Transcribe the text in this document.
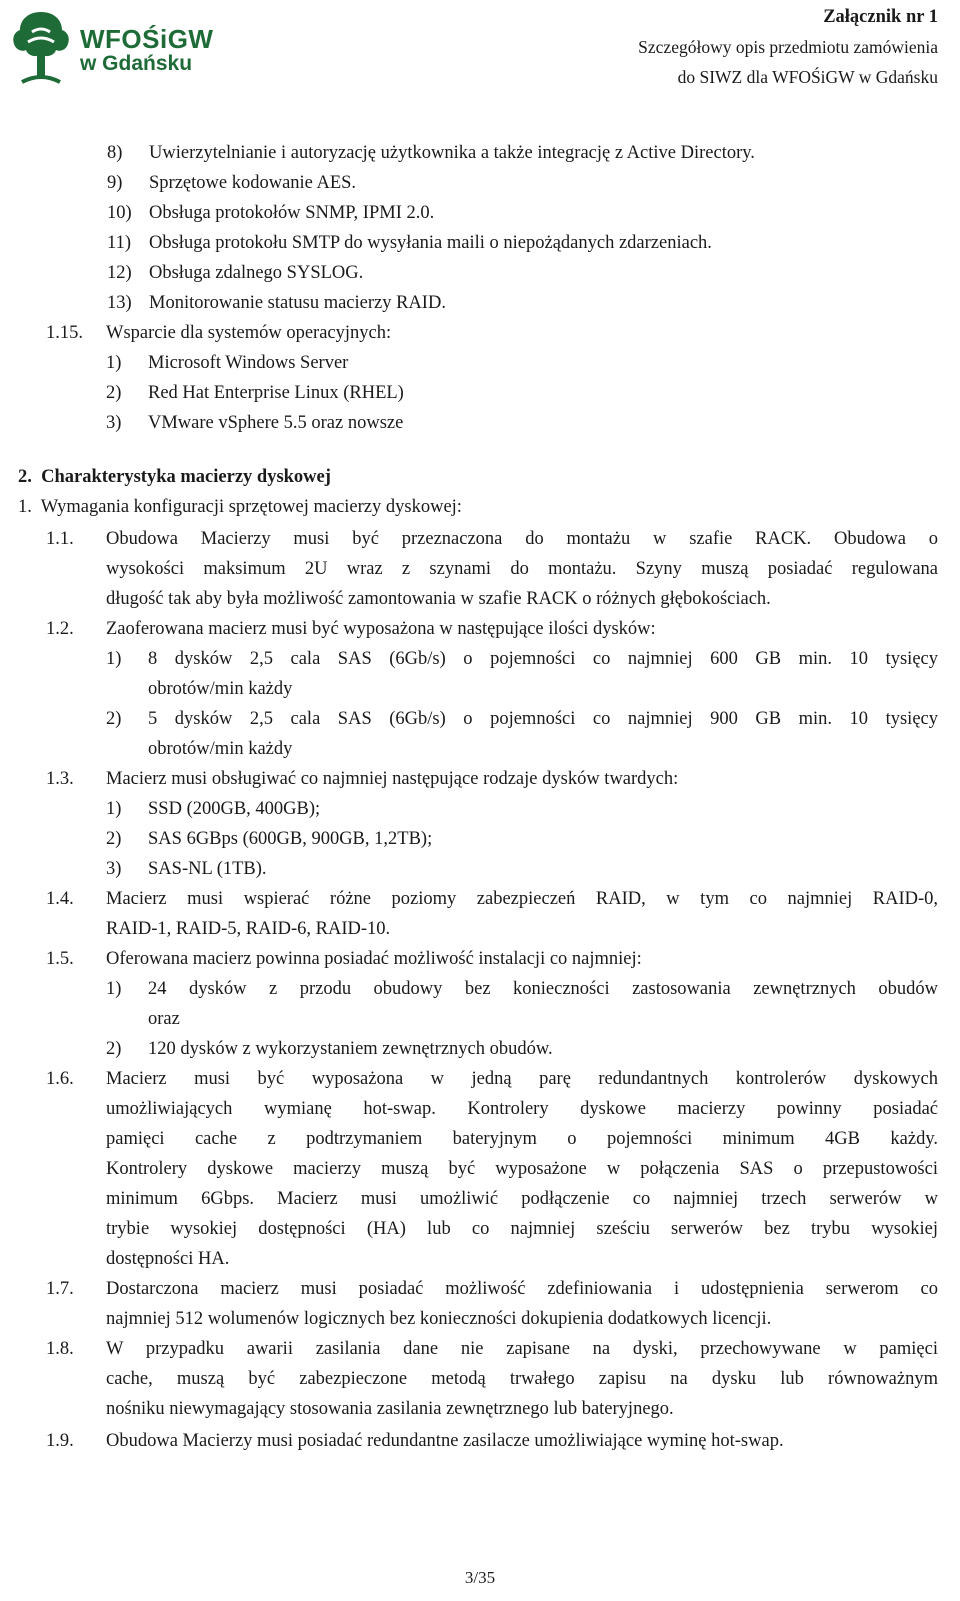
WFOŚiGW
w Gdańsku
Załącznik nr 1
Szczegółowy opis przedmiotu zamówienia
do SIWZ dla WFOŚiGW w Gdańsku
8) Uwierzytelnianie i autoryzację użytkownika a także integrację z Active Directory.
9) Sprzętowe kodowanie AES.
10) Obsługa protokołów SNMP, IPMI 2.0.
11) Obsługa protokołu SMTP do wysyłania maili o niepożądanych zdarzeniach.
12) Obsługa zdalnego SYSLOG.
13) Monitorowanie statusu macierzy RAID.
1.15. Wsparcie dla systemów operacyjnych:
1) Microsoft Windows Server
2) Red Hat Enterprise Linux (RHEL)
3) VMware vSphere 5.5 oraz nowsze
2.  Charakterystyka macierzy dyskowej
1.  Wymagania konfiguracji sprzętowej macierzy dyskowej:
1.1. Obudowa Macierzy musi być przeznaczona do montażu w szafie RACK. Obudowa o
wysokości maksimum 2U wraz z szynami do montażu. Szyny muszą posiadać regulowana
długość tak aby była możliwość zamontowania w szafie RACK o różnych głębokościach.
1.2. Zaoferowana macierz musi być wyposażona w następujące ilości dysków:
1) 8 dysków 2,5 cala SAS (6Gb/s) o pojemności co najmniej 600 GB min. 10 tysięcy
obrotów/min każdy
2) 5 dysków 2,5 cala SAS (6Gb/s) o pojemności co najmniej 900 GB min. 10 tysięcy
obrotów/min każdy
1.3. Macierz musi obsługiwać co najmniej następujące rodzaje dysków twardych:
1) SSD (200GB, 400GB);
2) SAS 6GBps (600GB, 900GB, 1,2TB);
3) SAS-NL (1TB).
1.4. Macierz musi wspierać różne poziomy zabezpieczeń RAID, w tym co najmniej RAID-0,
RAID-1, RAID-5, RAID-6, RAID-10.
1.5. Oferowana macierz powinna posiadać możliwość instalacji co najmniej:
1) 24 dysków z przodu obudowy bez konieczności zastosowania zewnętrznych obudów
oraz
2) 120 dysków z wykorzystaniem zewnętrznych obudów.
1.6. Macierz musi być wyposażona w jedną parę redundantnych kontrolerów dyskowych
umożliwiających wymianę hot-swap. Kontrolery dyskowe macierzy powinny posiadać
pamięci cache z podtrzymaniem bateryjnym o pojemności minimum 4GB każdy.
Kontrolery dyskowe macierzy muszą być wyposażone w połączenia SAS o przepustowości
minimum 6Gbps. Macierz musi umożliwić podłączenie co najmniej trzech serwerów w
trybie wysokiej dostępności (HA) lub co najmniej sześciu serwerów bez trybu wysokiej
dostępności HA.
1.7. Dostarczona macierz musi posiadać możliwość zdefiniowania i udostępnienia serwerom co
najmniej 512 wolumenów logicznych bez konieczności dokupienia dodatkowych licencji.
1.8. W przypadku awarii zasilania dane nie zapisane na dyski, przechowywane w pamięci
cache, muszą być zabezpieczone metodą trwałego zapisu na dysku lub równoważnym
nośniku niewymagający stosowania zasilania zewnętrznego lub bateryjnego.
1.9. Obudowa Macierzy musi posiadać redundantne zasilacze umożliwiające wyminę hot-swap.
3/35
